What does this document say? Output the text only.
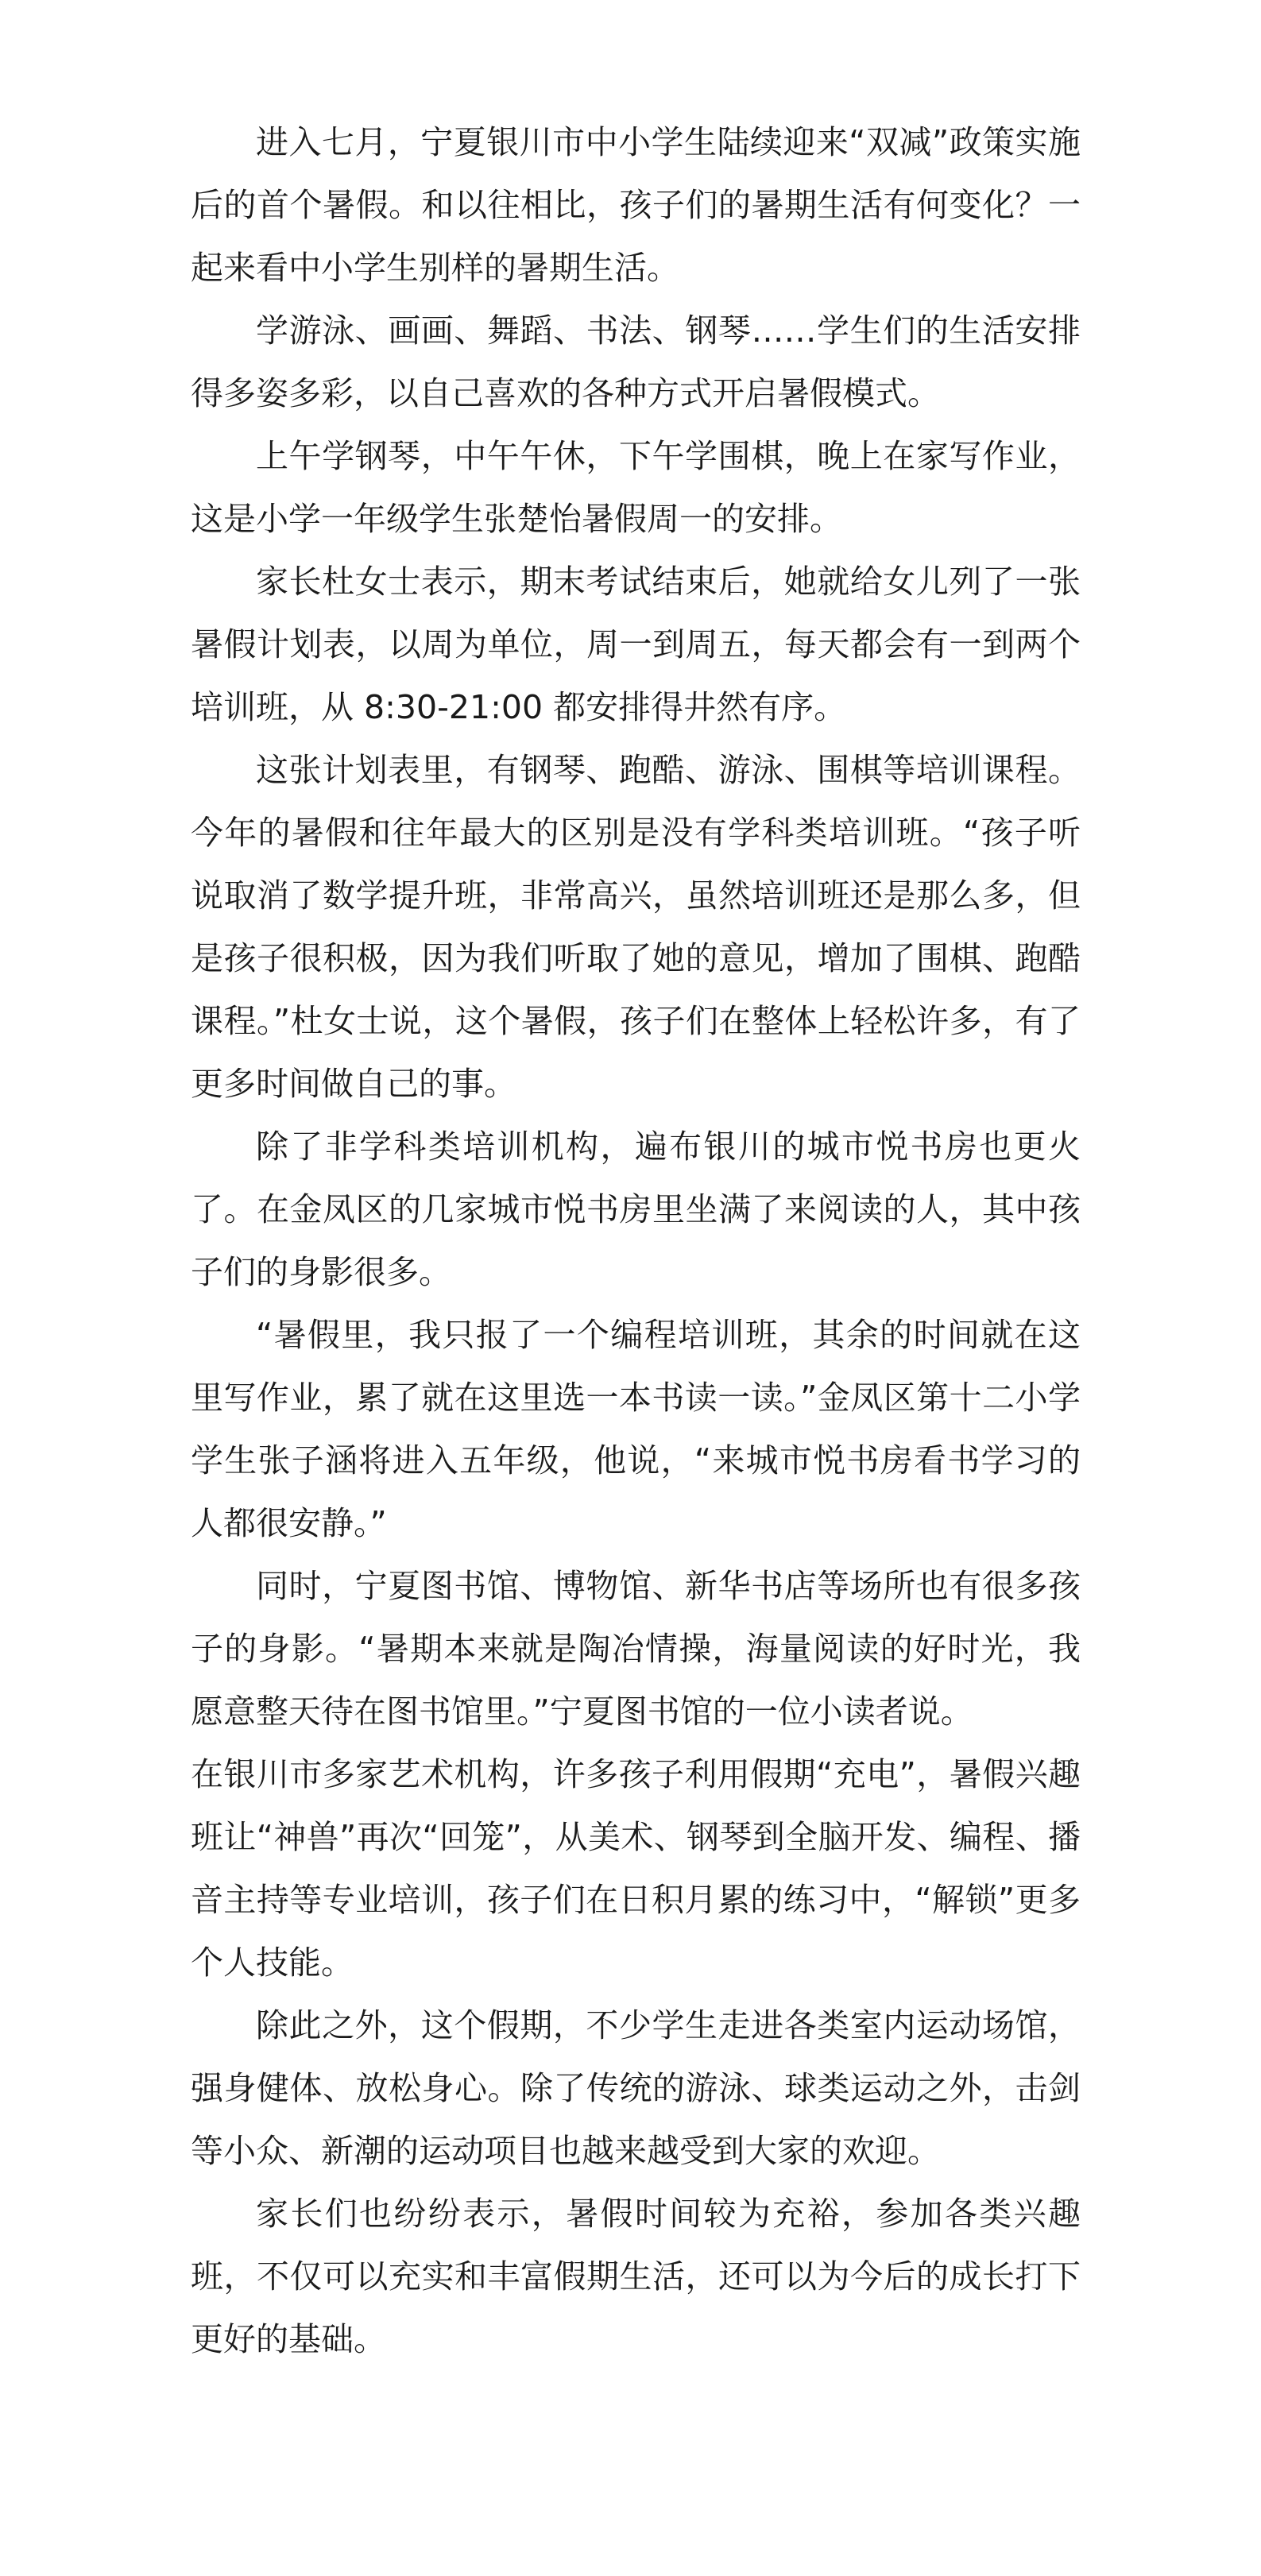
进入七月，宁夏银川市中小学生陆续迎来“双减”政策实施后的首个暑假。和以往相比，孩子们的暑期生活有何变化？一起来看中小学生别样的暑期生活。

学游泳、画画、舞蹈、书法、钢琴……学生们的生活安排得多姿多彩，以自己喜欢的各种方式开启暑假模式。

上午学钢琴，中午午休，下午学围棋，晚上在家写作业，这是小学一年级学生张楚怡暑假周一的安排。

家长杜女士表示，期末考试结束后，她就给女儿列了一张暑假计划表，以周为单位，周一到周五，每天都会有一到两个培训班，从 8:30-21:00 都安排得井然有序。

这张计划表里，有钢琴、跑酷、游泳、围棋等培训课程。今年的暑假和往年最大的区别是没有学科类培训班。“孩子听说取消了数学提升班，非常高兴，虽然培训班还是那么多，但是孩子很积极，因为我们听取了她的意见，增加了围棋、跑酷课程。”杜女士说，这个暑假，孩子们在整体上轻松许多，有了更多时间做自己的事。

除了非学科类培训机构，遍布银川的城市悦书房也更火了。在金凤区的几家城市悦书房里坐满了来阅读的人，其中孩子们的身影很多。

“暑假里，我只报了一个编程培训班，其余的时间就在这里写作业，累了就在这里选一本书读一读。”金凤区第十二小学学生张子涵将进入五年级，他说，“来城市悦书房看书学习的人都很安静。”

同时，宁夏图书馆、博物馆、新华书店等场所也有很多孩子的身影。“暑期本来就是陶冶情操，海量阅读的好时光，我愿意整天待在图书馆里。”宁夏图书馆的一位小读者说。

在银川市多家艺术机构，许多孩子利用假期“充电”，暑假兴趣班让“神兽”再次“回笼”，从美术、钢琴到全脑开发、编程、播音主持等专业培训，孩子们在日积月累的练习中，“解锁”更多个人技能。

除此之外，这个假期，不少学生走进各类室内运动场馆，强身健体、放松身心。除了传统的游泳、球类运动之外，击剑等小众、新潮的运动项目也越来越受到大家的欢迎。

家长们也纷纷表示，暑假时间较为充裕，参加各类兴趣班，不仅可以充实和丰富假期生活，还可以为今后的成长打下更好的基础。
